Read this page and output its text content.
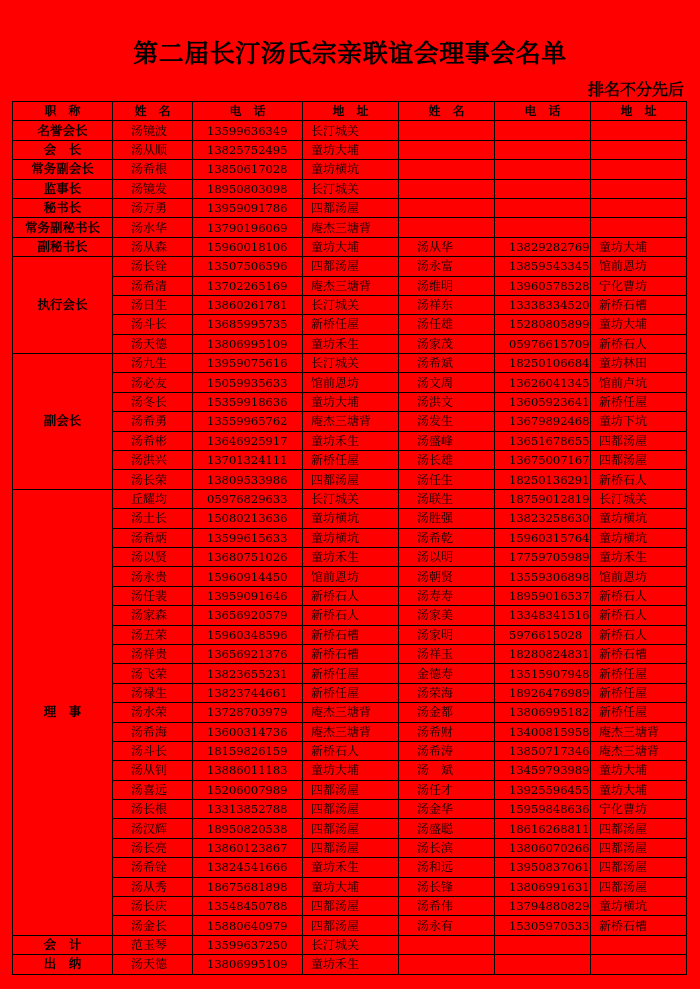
第二届长汀汤氏宗亲联谊会理事会名单
排名不分先后
职　称	姓　名	电　话	地　址	姓　名	电　话	地　址
名誉会长	汤镜波	13599636349	长汀城关			
会　长	汤从顺	13825752495	童坊大埔			
常务副会长	汤希根	13850617028	童坊横坑			
监事长	汤镜发	18950803098	长汀城关			
秘书长	汤万勇	13959091786	四都汤屋			
常务副秘书长	汤水华	13790196069	庵杰三塘背			
副秘书长	汤从森	15960018106	童坊大埔	汤从华	13829282769	童坊大埔
执行会长	汤长铨	13507506596	四都汤屋	汤永富	13859543345	馆前恩坊
	汤希清	13702265169	庵杰三塘背	汤维明	13960578528	宁化曹坊
	汤日生	13860261781	长汀城关	汤祥东	13338334520	新桥石槽
	汤斗长	13685995735	新桥任屋	汤任雄	15280805899	童坊大埔
	汤天德	13806995109	童坊禾生	汤家茂	05976615709	新桥石人
副会长	汤九生	13959075616	长汀城关	汤希斌	18250106684	童坊林田
	汤必友	15059935633	馆前恩坊	汤文周	13626041345	馆前卢坑
	汤冬长	15359918636	童坊大埔	汤洪文	13605923641	新桥任屋
	汤希勇	13559965762	庵杰三塘背	汤发生	13679892468	童坊下坑
	汤希彬	13646925917	童坊禾生	汤盛峰	13651678655	四都汤屋
	汤洪兴	13701324111	新桥任屋	汤长雄	13675007167	四都汤屋
	汤长荣	13809533986	四都汤屋	汤任生	18250136291	新桥石人
理　事	丘耀均	05976829633	长汀城关	汤联生	18759012819	长汀城关
	汤土长	15080213636	童坊横坑	汤胜强	13823258630	童坊横坑
	汤希炳	13599615633	童坊横坑	汤希乾	15960315764	童坊横坑
	汤以贤	13680751026	童坊禾生	汤以明	17759705989	童坊禾生
	汤永贵	15960914450	馆前恩坊	汤朝贤	13559306898	馆前恩坊
	汤任裴	13959091646	新桥石人	汤寿寿	18959016537	新桥石人
	汤家森	13656920579	新桥石人	汤家美	13348341516	新桥石人
	汤五荣	15960348596	新桥石槽	汤家明	5976615028	新桥石人
	汤祥贵	13656921376	新桥石槽	汤祥玉	18280824831	新桥石槽
	汤飞荣	13823655231	新桥任屋	金德寿	13515907948	新桥任屋
	汤禄生	13823744661	新桥任屋	汤荣海	18926476989	新桥任屋
	汤水荣	13728703979	庵杰三塘背	汤金都	13806995182	新桥任屋
	汤希海	13600314736	庵杰三塘背	汤希财	13400815958	庵杰三塘背
	汤斗长	18159826159	新桥石人	汤希涛	13850717346	庵杰三塘背
	汤从钊	13886011183	童坊大埔	汤　斌	13459793989	童坊大埔
	汤喜远	15206007989	四都汤屋	汤任才	13925596455	童坊大埔
	汤长根	13313852788	四都汤屋	汤金华	15959848636	宁化曹坊
	汤汉辉	18950820538	四都汤屋	汤盛聪	18616268811	四都汤屋
	汤长亮	13860123867	四都汤屋	汤长滨	13806070266	四都汤屋
	汤希铨	13824541666	童坊禾生	汤和远	13950837061	四都汤屋
	汤从秀	18675681898	童坊大埔	汤长锋	13806991631	四都汤屋
	汤长庆	13548450788	四都汤屋	汤希伟	13794880829	童坊横坑
	汤金长	15880640979	四都汤屋	汤永有	15305970533	新桥石槽
会　计	范玉琴	13599637250	长汀城关			
出　纳	汤天德	13806995109	童坊禾生			
